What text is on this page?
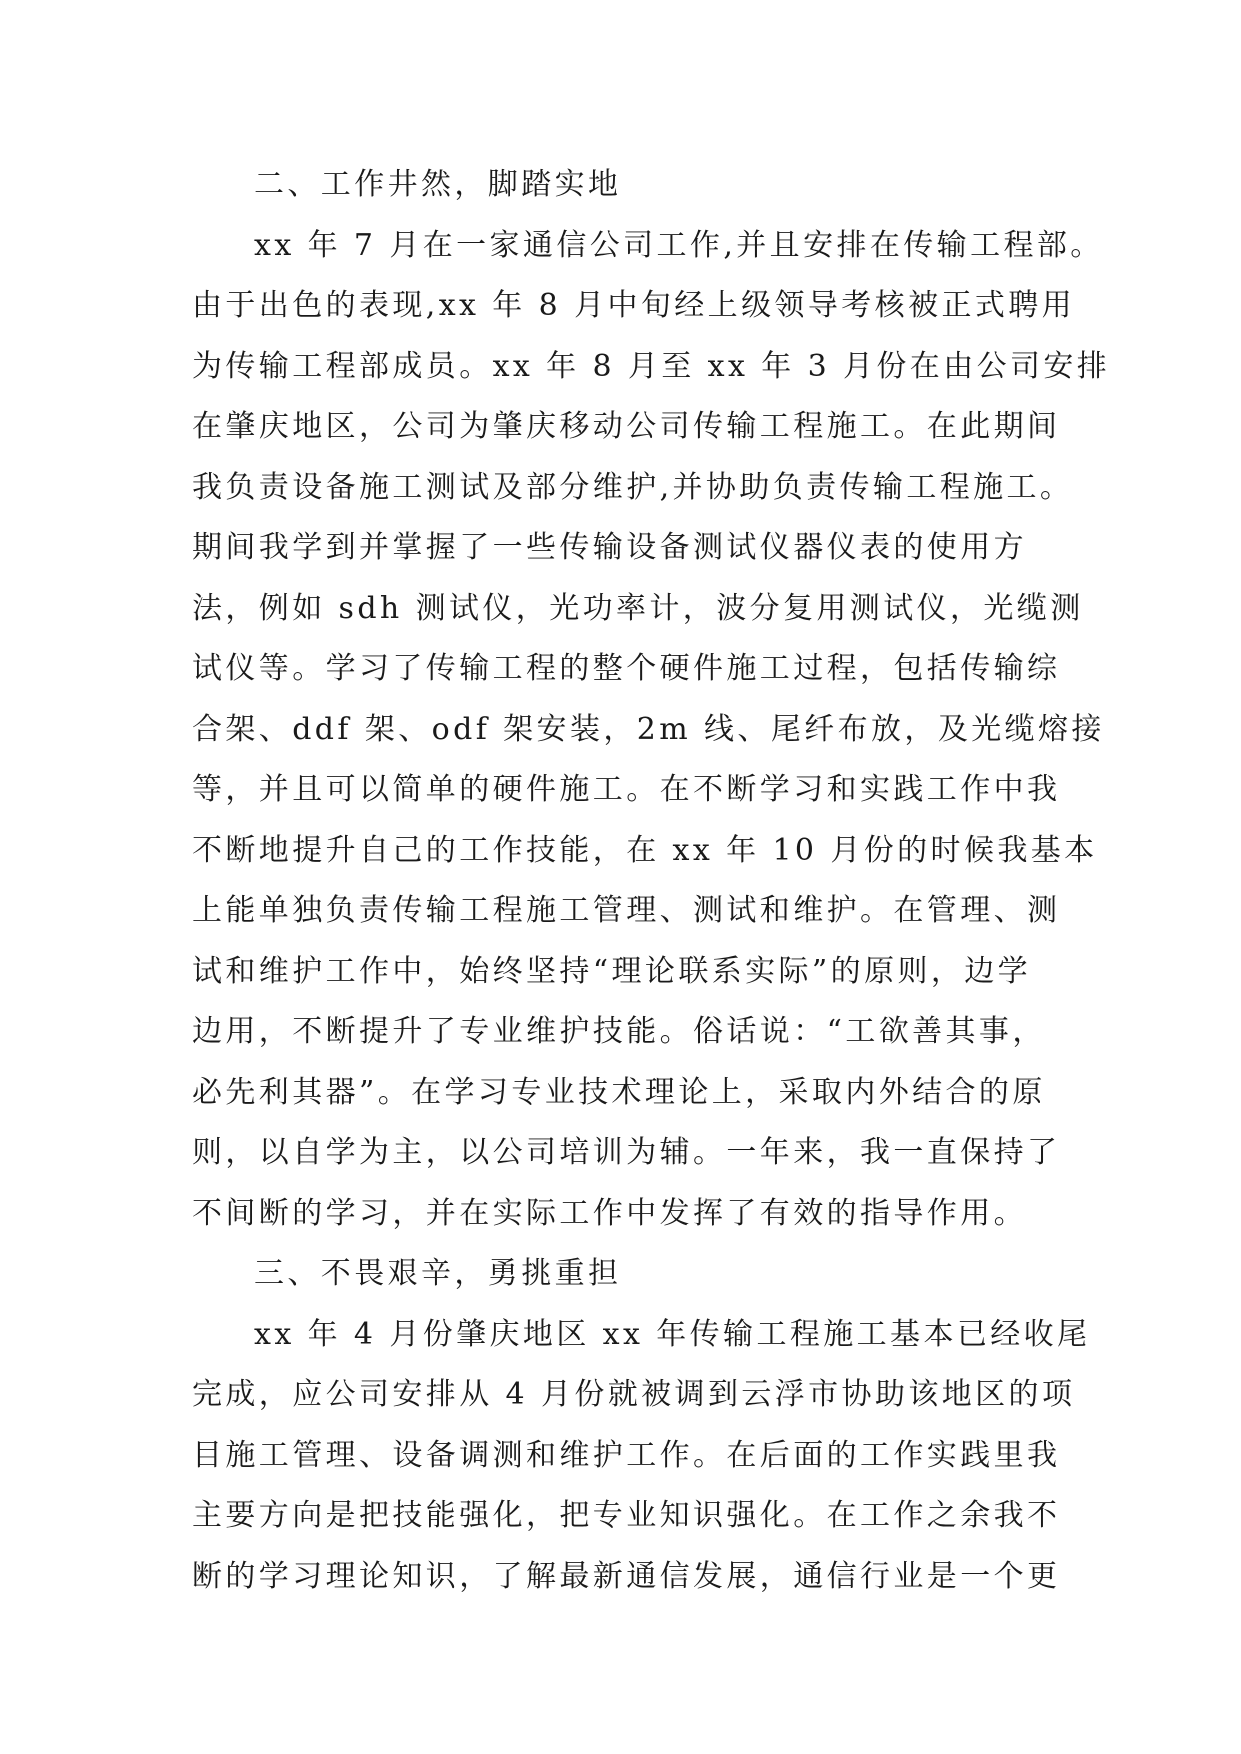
二、工作井然，脚踏实地
xx 年 7 月在一家通信公司工作,并且安排在传输工程部。
由于出色的表现,xx 年 8 月中旬经上级领导考核被正式聘用
为传输工程部成员。xx 年 8 月至 xx 年 3 月份在由公司安排
在肇庆地区，公司为肇庆移动公司传输工程施工。在此期间
我负责设备施工测试及部分维护,并协助负责传输工程施工。
期间我学到并掌握了一些传输设备测试仪器仪表的使用方
法，例如 sdh 测试仪，光功率计，波分复用测试仪，光缆测
试仪等。学习了传输工程的整个硬件施工过程，包括传输综
合架、ddf 架、odf 架安装，2m 线、尾纤布放，及光缆熔接
等，并且可以简单的硬件施工。在不断学习和实践工作中我
不断地提升自己的工作技能，在 xx 年 10 月份的时候我基本
上能单独负责传输工程施工管理、测试和维护。在管理、测
试和维护工作中，始终坚持“理论联系实际”的原则，边学
边用，不断提升了专业维护技能。俗话说：“工欲善其事，
必先利其器”。在学习专业技术理论上，采取内外结合的原
则，以自学为主，以公司培训为辅。一年来，我一直保持了
不间断的学习，并在实际工作中发挥了有效的指导作用。
三、不畏艰辛，勇挑重担
xx 年 4 月份肇庆地区 xx 年传输工程施工基本已经收尾
完成，应公司安排从 4 月份就被调到云浮市协助该地区的项
目施工管理、设备调测和维护工作。在后面的工作实践里我
主要方向是把技能强化，把专业知识强化。在工作之余我不
断的学习理论知识，了解最新通信发展，通信行业是一个更
